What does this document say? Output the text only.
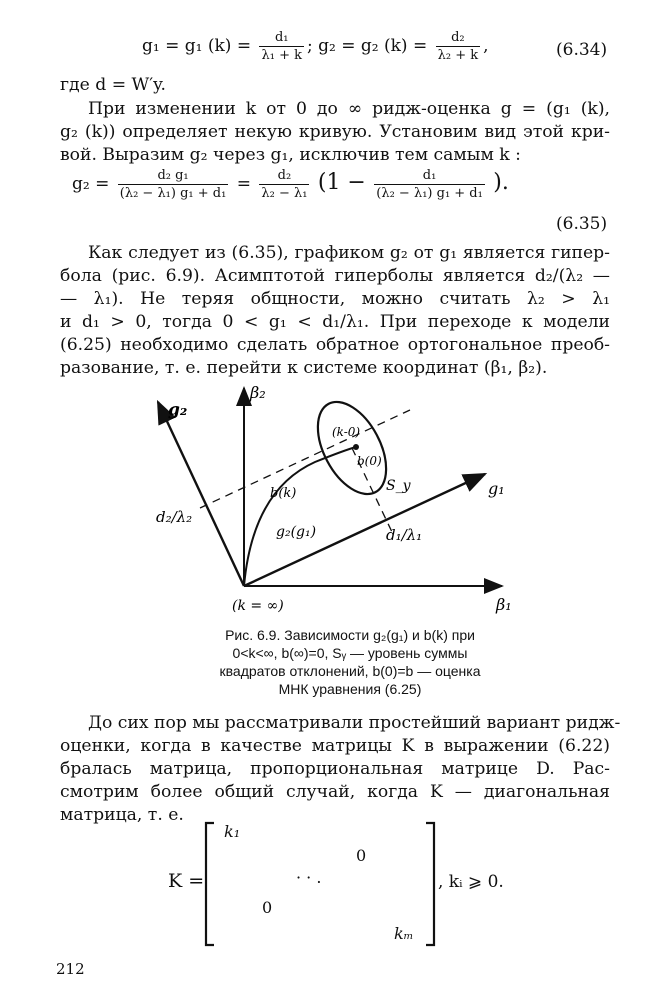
g₁ = g₁ $(k) = \frac{\text{d₁}}{\text{λ₁ + k}}$ ; g₂ = g₂ $(k) = \frac{\text{d₂}}{\text{λ₂ + k}}$ ,	(6.34)
где d = W′y.
При изменении k от 0 до ∞ ридж-оценка g = (g₁ (k),
g₂ (k)) определяет некую кривую. Установим вид этой кри-
вой. Выразим g₂ через g₁, исключив тем самым k :
$g_2 = \frac{\text{d₂ g₁}}{\text{(λ₂ − λ₁) g₁ + d₁}} = \frac{\text{d₂}}{\text{λ₂ − λ₁}} (1 - \frac{\text{d₁}}{\text{(λ₂ − λ₁) g₁ + d₁}}$ ).
(6.35)
Как следует из (6.35), графиком g₂ от g₁ является гипер-
бола (рис. 6.9). Асимптотой гиперболы является d₂/(λ₂ —
— λ₁). Не теряя общности, можно считать λ₂ > λ₁
и d₁ > 0, тогда 0 < g₁ < d₁/λ₁. При переходе к модели
(6.25) необходимо сделать обратное ортогональное преоб-
разование, т. е. перейти к системе координат (β₁, β₂).
g₂
β₂
g₁
β₁
d₂/λ₂
d₁/λ₁
g₂(g₁)
b(k)
(k-0)
b(0)
S_y
(k = ∞)
Рис. 6.9. Зависимости g₂(g₁) и b(k) при
0<k<∞, b(∞)=0, Sᵧ — уровень суммы
квадратов отклонений, b(0)=b — оценка
МНК уравнения (6.25)
До сих пор мы рассматривали простейший вариант ридж-
оценки, когда в качестве матрицы K в выражении (6.22)
бралась матрица, пропорциональная матрице D. Рас-
смотрим более общий случай, когда K — диагональная
матрица, т. е.
K =
k₁
0
· · .
0
kₘ
, kᵢ ⩾ 0.
212
